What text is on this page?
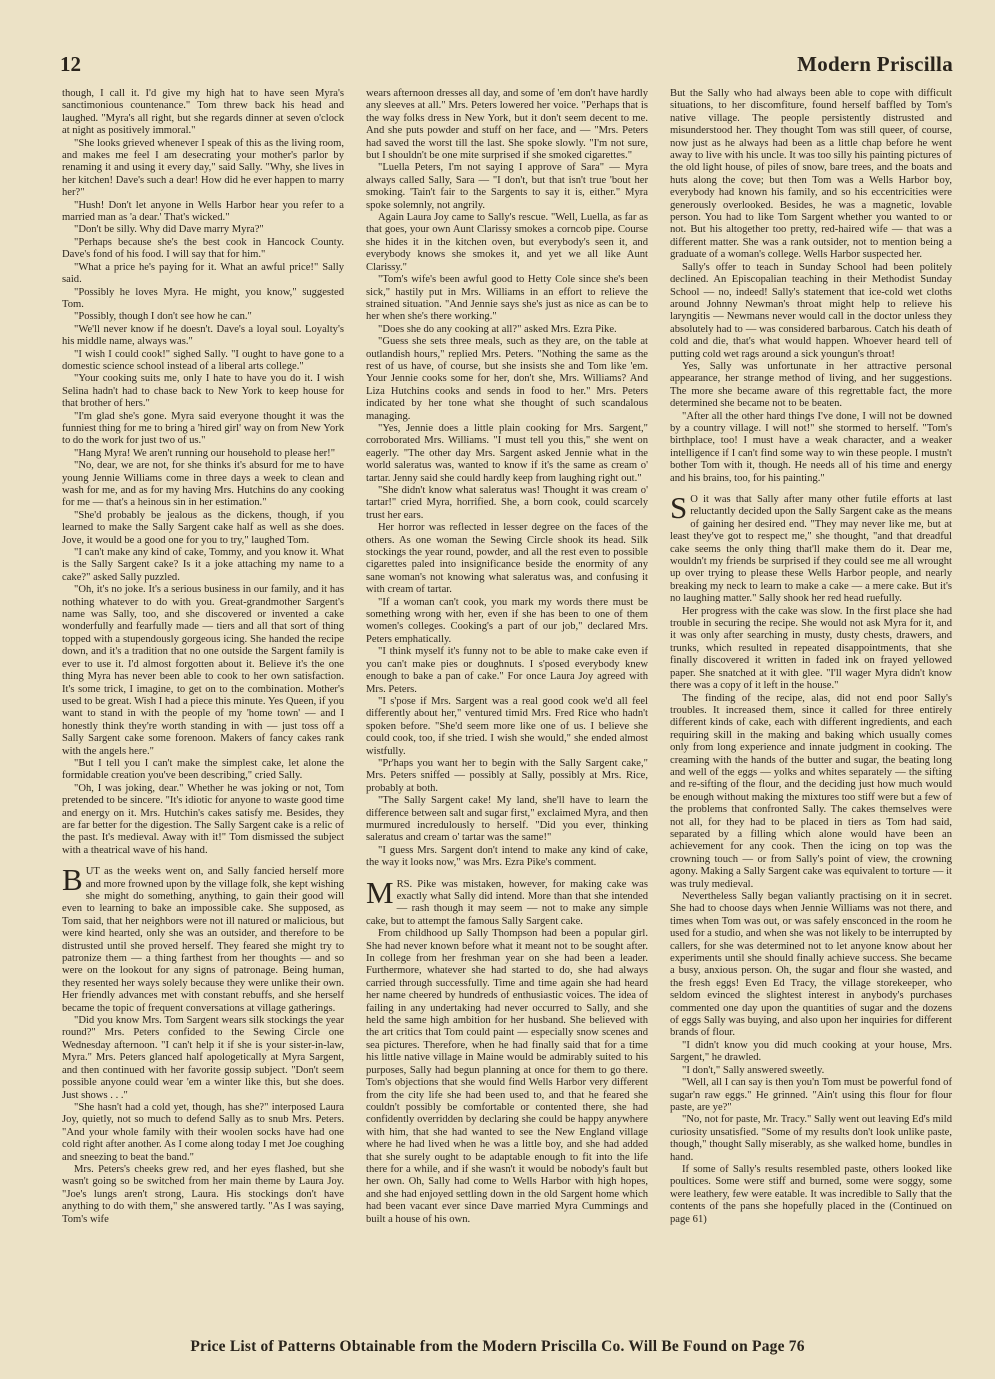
12	Modern Priscilla

though, I call it. I'd give my high hat to have seen Myra's sanctimonious countenance." Tom threw back his head and laughed. "Myra's all right, but she regards dinner at seven o'clock at night as positively immoral."

"She looks grieved whenever I speak of this as the living room, and makes me feel I am desecrating your mother's parlor by renaming it and using it every day," said Sally. "Why, she lives in her kitchen! Dave's such a dear! How did he ever happen to marry her?"

"Hush! Don't let anyone in Wells Harbor hear you refer to a married man as 'a dear.' That's wicked."

"Don't be silly. Why did Dave marry Myra?"

"Perhaps because she's the best cook in Hancock County. Dave's fond of his food. I will say that for him."

"What a price he's paying for it. What an awful price!" Sally said.

"Possibly he loves Myra. He might, you know," suggested Tom.

"Possibly, though I don't see how he can."

"We'll never know if he doesn't. Dave's a loyal soul. Loyalty's his middle name, always was."

"I wish I could cook!" sighed Sally. "I ought to have gone to a domestic science school instead of a liberal arts college."

"Your cooking suits me, only I hate to have you do it. I wish Selina hadn't had to chase back to New York to keep house for that brother of hers."

"I'm glad she's gone. Myra said everyone thought it was the funniest thing for me to bring a 'hired girl' way on from New York to do the work for just two of us."

"Hang Myra! We aren't running our household to please her!"

"No, dear, we are not, for she thinks it's absurd for me to have young Jennie Williams come in three days a week to clean and wash for me, and as for my having Mrs. Hutchins do any cooking for me — that's a heinous sin in her estimation."

"She'd probably be jealous as the dickens, though, if you learned to make the Sally Sargent cake half as well as she does. Jove, it would be a good one for you to try," laughed Tom.

"I can't make any kind of cake, Tommy, and you know it. What is the Sally Sargent cake? Is it a joke attaching my name to a cake?" asked Sally puzzled.

"Oh, it's no joke. It's a serious business in our family, and it has nothing whatever to do with you. Great-grandmother Sargent's name was Sally, too, and she discovered or invented a cake wonderfully and fearfully made — tiers and all that sort of thing topped with a stupendously gorgeous icing. She handed the recipe down, and it's a tradition that no one outside the Sargent family is ever to use it. I'd almost forgotten about it. Believe it's the one thing Myra has never been able to cook to her own satisfaction. It's some trick, I imagine, to get on to the combination. Mother's used to be great. Wish I had a piece this minute. Yes Queen, if you want to stand in with the people of my 'home town' — and I honestly think they're worth standing in with — just toss off a Sally Sargent cake some forenoon. Makers of fancy cakes rank with the angels here."

"But I tell you I can't make the simplest cake, let alone the formidable creation you've been describing," cried Sally.

"Oh, I was joking, dear." Whether he was joking or not, Tom pretended to be sincere. "It's idiotic for anyone to waste good time and energy on it. Mrs. Hutchin's cakes satisfy me. Besides, they are far better for the digestion. The Sally Sargent cake is a relic of the past. It's medieval. Away with it!" Tom dismissed the subject with a theatrical wave of his hand.

BUT as the weeks went on, and Sally fancied herself more and more frowned upon by the village folk, she kept wishing she might do something, anything, to gain their good will even to learning to bake an impossible cake. She supposed, as Tom said, that her neighbors were not ill natured or malicious, but were kind hearted, only she was an outsider, and therefore to be distrusted until she proved herself. They feared she might try to patronize them — a thing farthest from her thoughts — and so were on the lookout for any signs of patronage. Being human, they resented her ways solely because they were unlike their own. Her friendly advances met with constant rebuffs, and she herself became the topic of frequent conversations at village gatherings.

"Did you know Mrs. Tom Sargent wears silk stockings the year round?" Mrs. Peters confided to the Sewing Circle one Wednesday afternoon. "I can't help it if she is your sister-in-law, Myra." Mrs. Peters glanced half apologetically at Myra Sargent, and then continued with her favorite gossip subject. "Don't seem possible anyone could wear 'em a winter like this, but she does. Just shows . . ."

"She hasn't had a cold yet, though, has she?" interposed Laura Joy, quietly, not so much to defend Sally as to snub Mrs. Peters. "And your whole family with their woolen socks have had one cold right after another. As I come along today I met Joe coughing and sneezing to beat the band."

Mrs. Peters's cheeks grew red, and her eyes flashed, but she wasn't going so be switched from her main theme by Laura Joy. "Joe's lungs aren't strong, Laura. His stockings don't have anything to do with them," she answered tartly. "As I was saying, Tom's wife

wears afternoon dresses all day, and some of 'em don't have hardly any sleeves at all." Mrs. Peters lowered her voice. "Perhaps that is the way folks dress in New York, but it don't seem decent to me. And she puts powder and stuff on her face, and — "Mrs. Peters had saved the worst till the last. She spoke slowly. "I'm not sure, but I shouldn't be one mite surprised if she smoked cigarettes."

"Luella Peters, I'm not saying I approve of Sara" — Myra always called Sally, Sara — "I don't, but that isn't true 'bout her smoking. 'Tain't fair to the Sargents to say it is, either." Myra spoke solemnly, not angrily.

Again Laura Joy came to Sally's rescue. "Well, Luella, as far as that goes, your own Aunt Clarissy smokes a corncob pipe. Course she hides it in the kitchen oven, but everybody's seen it, and everybody knows she smokes it, and yet we all like Aunt Clarissy."

"Tom's wife's been awful good to Hetty Cole since she's been sick," hastily put in Mrs. Williams in an effort to relieve the strained situation. "And Jennie says she's just as nice as can be to her when she's there working."

"Does she do any cooking at all?" asked Mrs. Ezra Pike.

"Guess she sets three meals, such as they are, on the table at outlandish hours," replied Mrs. Peters. "Nothing the same as the rest of us have, of course, but she insists she and Tom like 'em. Your Jennie cooks some for her, don't she, Mrs. Williams? And Liza Hutchins cooks and sends in food to her." Mrs. Peters indicated by her tone what she thought of such scandalous managing.

"Yes, Jennie does a little plain cooking for Mrs. Sargent," corroborated Mrs. Williams. "I must tell you this," she went on eagerly. "The other day Mrs. Sargent asked Jennie what in the world saleratus was, wanted to know if it's the same as cream o' tartar. Jenny said she could hardly keep from laughing right out."

"She didn't know what saleratus was! Thought it was cream o' tartar!" cried Myra, horrified. She, a born cook, could scarcely trust her ears.

Her horror was reflected in lesser degree on the faces of the others. As one woman the Sewing Circle shook its head. Silk stockings the year round, powder, and all the rest even to possible cigarettes paled into insignificance beside the enormity of any sane woman's not knowing what saleratus was, and confusing it with cream of tartar.

"If a woman can't cook, you mark my words there must be something wrong with her, even if she has been to one of them women's colleges. Cooking's a part of our job," declared Mrs. Peters emphatically.

"I think myself it's funny not to be able to make cake even if you can't make pies or doughnuts. I s'posed everybody knew enough to bake a pan of cake." For once Laura Joy agreed with Mrs. Peters.

"I s'pose if Mrs. Sargent was a real good cook we'd all feel differently about her," ventured timid Mrs. Fred Rice who hadn't spoken before. "She'd seem more like one of us. I believe she could cook, too, if she tried. I wish she would," she ended almost wistfully.

"Pr'haps you want her to begin with the Sally Sargent cake," Mrs. Peters sniffed — possibly at Sally, possibly at Mrs. Rice, probably at both.

"The Sally Sargent cake! My land, she'll have to learn the difference between salt and sugar first," exclaimed Myra, and then murmured incredulously to herself. "Did you ever, thinking saleratus and cream o' tartar was the same!"

"I guess Mrs. Sargent don't intend to make any kind of cake, the way it looks now," was Mrs. Ezra Pike's comment.

MRS. Pike was mistaken, however, for making cake was exactly what Sally did intend. More than that she intended — rash though it may seem — not to make any simple cake, but to attempt the famous Sally Sargent cake.

From childhood up Sally Thompson had been a popular girl. She had never known before what it meant not to be sought after. In college from her freshman year on she had been a leader. Furthermore, whatever she had started to do, she had always carried through successfully. Time and time again she had heard her name cheered by hundreds of enthusiastic voices. The idea of failing in any undertaking had never occurred to Sally, and she held the same high ambition for her husband. She believed with the art critics that Tom could paint — especially snow scenes and sea pictures. Therefore, when he had finally said that for a time his little native village in Maine would be admirably suited to his purposes, Sally had begun planning at once for them to go there. Tom's objections that she would find Wells Harbor very different from the city life she had been used to, and that he feared she couldn't possibly be comfortable or contented there, she had confidently overridden by declaring she could be happy anywhere with him, that she had wanted to see the New England village where he had lived when he was a little boy, and she had added that she surely ought to be adaptable enough to fit into the life there for a while, and if she wasn't it would be nobody's fault but her own. Oh, Sally had come to Wells Harbor with high hopes, and she had enjoyed settling down in the old Sargent home which had been vacant ever since Dave married Myra Cummings and built a house of his own.

But the Sally who had always been able to cope with difficult situations, to her discomfiture, found herself baffled by Tom's native village. The people persistently distrusted and misunderstood her. They thought Tom was still queer, of course, now just as he always had been as a little chap before he went away to live with his uncle. It was too silly his painting pictures of the old light house, of piles of snow, bare trees, and the boats and huts along the cove; but then Tom was a Wells Harbor boy, everybody had known his family, and so his eccentricities were generously overlooked. Besides, he was a magnetic, lovable person. You had to like Tom Sargent whether you wanted to or not. But his altogether too pretty, red-haired wife — that was a different matter. She was a rank outsider, not to mention being a graduate of a woman's college. Wells Harbor suspected her.

Sally's offer to teach in Sunday School had been politely declined. An Episcopalian teaching in their Methodist Sunday School — no, indeed! Sally's statement that ice-cold wet cloths around Johnny Newman's throat might help to relieve his laryngitis — Newmans never would call in the doctor unless they absolutely had to — was considered barbarous. Catch his death of cold and die, that's what would happen. Whoever heard tell of putting cold wet rags around a sick youngun's throat!

Yes, Sally was unfortunate in her attractive personal appearance, her strange method of living, and her suggestions. The more she became aware of this regrettable fact, the more determined she became not to be beaten.

"After all the other hard things I've done, I will not be downed by a country village. I will not!" she stormed to herself. "Tom's birthplace, too! I must have a weak character, and a weaker intelligence if I can't find some way to win these people. I mustn't bother Tom with it, though. He needs all of his time and energy and his brains, too, for his painting."

S O it was that Sally after many other futile efforts at last reluctantly decided upon the Sally Sargent cake as the means of gaining her desired end. "They may never like me, but at least they've got to respect me," she thought, "and that dreadful cake seems the only thing that'll make them do it. Dear me, wouldn't my friends be surprised if they could see me all wrought up over trying to please these Wells Harbor people, and nearly breaking my neck to learn to make a cake — a mere cake. But it's no laughing matter." Sally shook her red head ruefully.

Her progress with the cake was slow. In the first place she had trouble in securing the recipe. She would not ask Myra for it, and it was only after searching in musty, dusty chests, drawers, and trunks, which resulted in repeated disappointments, that she finally discovered it written in faded ink on frayed yellowed paper. She snatched at it with glee. "I'll wager Myra didn't know there was a copy of it left in the house."

The finding of the recipe, alas, did not end poor Sally's troubles. It increased them, since it called for three entirely different kinds of cake, each with different ingredients, and each requiring skill in the making and baking which usually comes only from long experience and innate judgment in cooking. The creaming with the hands of the butter and sugar, the beating long and well of the eggs — yolks and whites separately — the sifting and re-sifting of the flour, and the deciding just how much would be enough without making the mixtures too stiff were but a few of the problems that confronted Sally. The cakes themselves were not all, for they had to be placed in tiers as Tom had said, separated by a filling which alone would have been an achievement for any cook. Then the icing on top was the crowning touch — or from Sally's point of view, the crowning agony. Making a Sally Sargent cake was equivalent to torture — it was truly medieval.

Nevertheless Sally began valiantly practising on it in secret. She had to choose days when Jennie Williams was not there, and times when Tom was out, or was safely ensconced in the room he used for a studio, and when she was not likely to be interrupted by callers, for she was determined not to let anyone know about her experiments until she should finally achieve success. She became a busy, anxious person. Oh, the sugar and flour she wasted, and the fresh eggs! Even Ed Tracy, the village storekeeper, who seldom evinced the slightest interest in anybody's purchases commented one day upon the quantities of sugar and the dozens of eggs Sally was buying, and also upon her inquiries for different brands of flour.

"I didn't know you did much cooking at your house, Mrs. Sargent," he drawled.

"I don't," Sally answered sweetly.

"Well, all I can say is then you'n Tom must be powerful fond of sugar'n raw eggs." He grinned. "Ain't using this flour for flour paste, are ye?"

"No, not for paste, Mr. Tracy." Sally went out leaving Ed's mild curiosity unsatisfied. "Some of my results don't look unlike paste, though," thought Sally miserably, as she walked home, bundles in hand.

If some of Sally's results resembled paste, others looked like poultices. Some were stiff and burned, some were soggy, some were leathery, few were eatable. It was incredible to Sally that the contents of the pans she hopefully placed in the (Continued on page 61)

Price List of Patterns Obtainable from the Modern Priscilla Co. Will Be Found on Page 76
